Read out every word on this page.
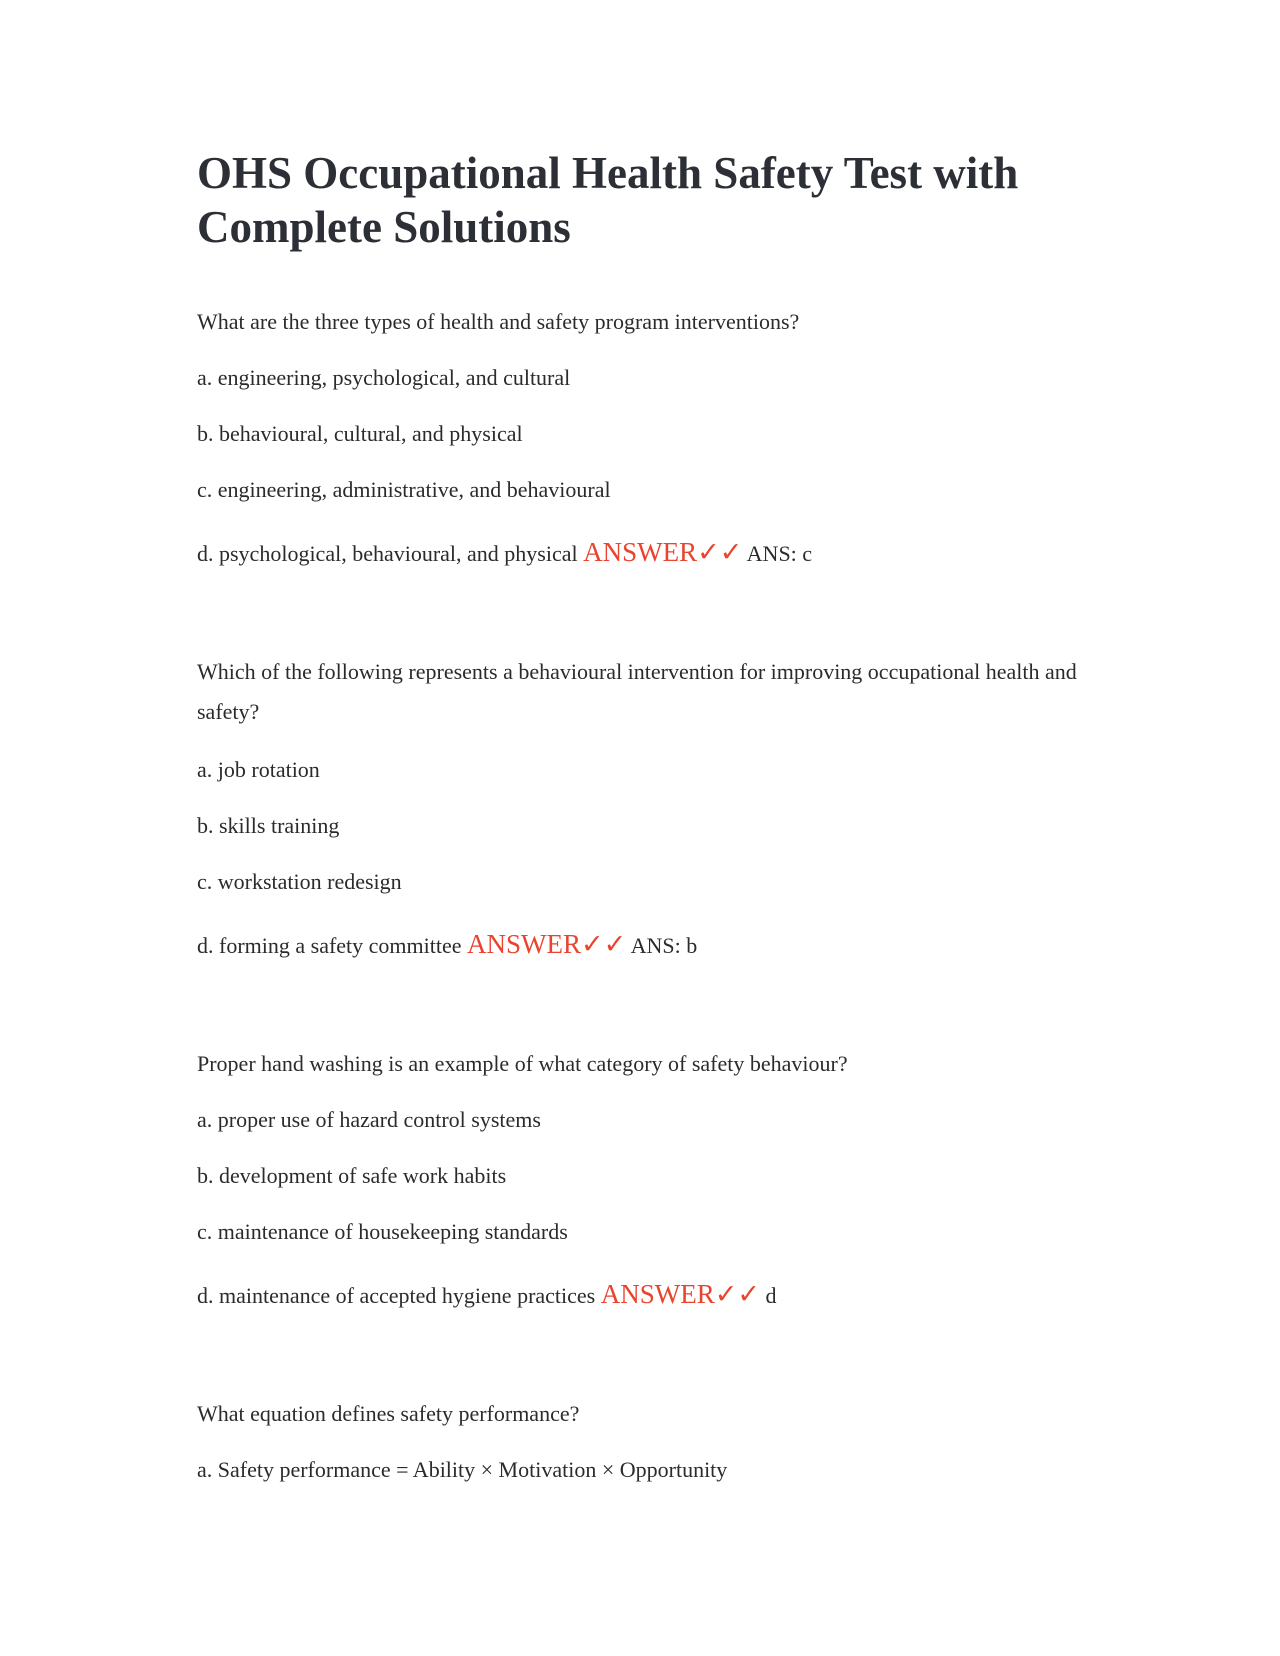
OHS Occupational Health Safety Test with Complete Solutions

What are the three types of health and safety program interventions?

a. engineering, psychological, and cultural

b. behavioural, cultural, and physical

c. engineering, administrative, and behavioural

d. psychological, behavioural, and physical ANSWER✓✓ ANS: c

Which of the following represents a behavioural intervention for improving occupational health and safety?

a. job rotation

b. skills training

c. workstation redesign

d. forming a safety committee ANSWER✓✓ ANS: b

Proper hand washing is an example of what category of safety behaviour?

a. proper use of hazard control systems

b. development of safe work habits

c. maintenance of housekeeping standards

d. maintenance of accepted hygiene practices ANSWER✓✓ d

What equation defines safety performance?

a. Safety performance = Ability × Motivation × Opportunity
